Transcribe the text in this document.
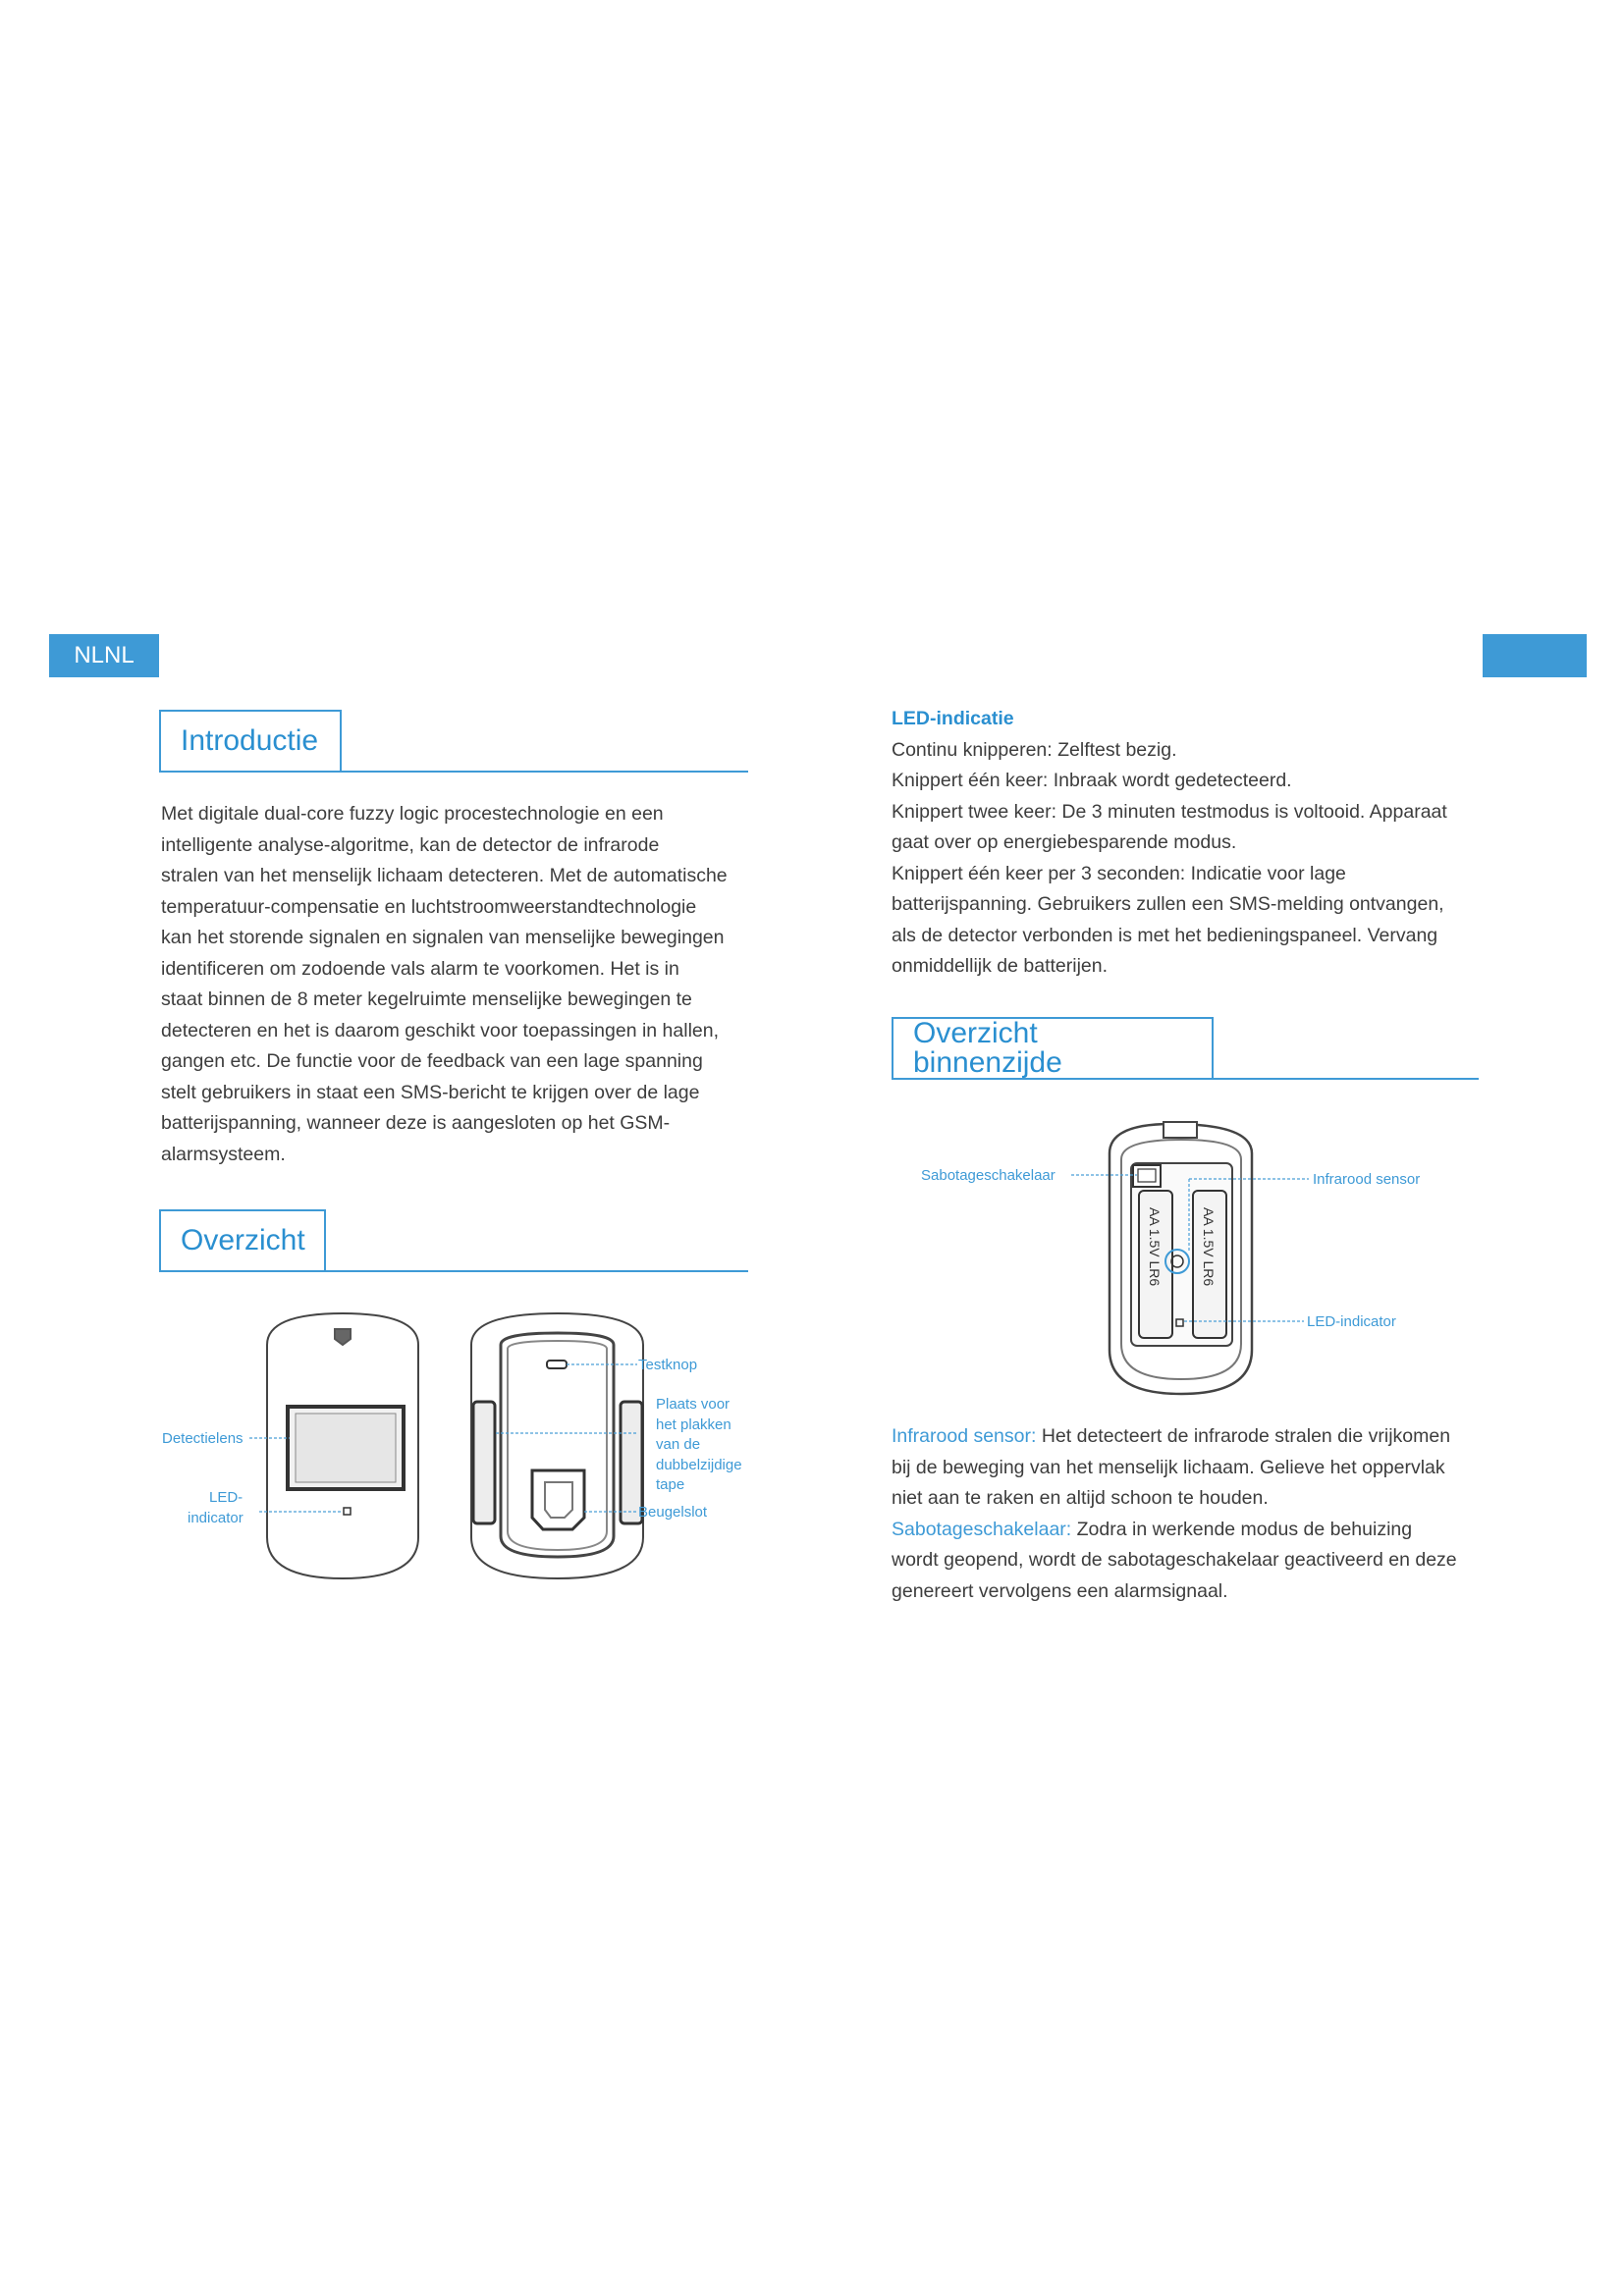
NLNL
Introductie

Met digitale dual-core fuzzy logic procestechnologie en een

intelligente analyse-algoritme, kan de detector de infrarode

stralen van het menselijk lichaam detecteren. Met de automatische

temperatuur-compensatie en luchtstroomweerstandtechnologie

kan het storende signalen en signalen van menselijke bewegingen

identificeren om zodoende vals alarm te voorkomen. Het is in

staat binnen de 8 meter kegelruimte menselijke bewegingen te

detecteren en het is daarom geschikt voor toepassingen in hallen,

gangen etc. De functie voor de feedback van een lage spanning

stelt gebruikers in staat een SMS-bericht te krijgen over de lage

batterijspanning, wanneer deze is aangesloten op het GSM-

alarmsysteem.

Overzicht
Detectielens
LED-
indicator
Testknop
Plaats voor
het plakken
van de
dubbelzijdige
tape
Beugelslot

LED-indicatie

Continu knipperen: Zelftest bezig.

Knippert één keer: Inbraak wordt gedetecteerd.

Knippert twee keer: De 3 minuten testmodus is voltooid. Apparaat

gaat over op energiebesparende modus.

Knippert één keer per 3 seconden: Indicatie voor lage

batterijspanning. Gebruikers zullen een SMS-melding ontvangen,

als de detector verbonden is met het bedieningspaneel. Vervang

onmiddellijk de batterijen.

Overzicht binnenzijde
AA 1.5V LR6	AA 1.5V LR6
Sabotageschakelaar	Infrarood sensor
LED-indicator

Infrarood sensor: Het detecteert de infrarode stralen die vrijkomen

bij de beweging van het menselijk lichaam. Gelieve het oppervlak

niet aan te raken en altijd schoon te houden.

Sabotageschakelaar: Zodra in werkende modus de behuizing

wordt geopend, wordt de sabotageschakelaar geactiveerd en deze

genereert vervolgens een alarmsignaal.
